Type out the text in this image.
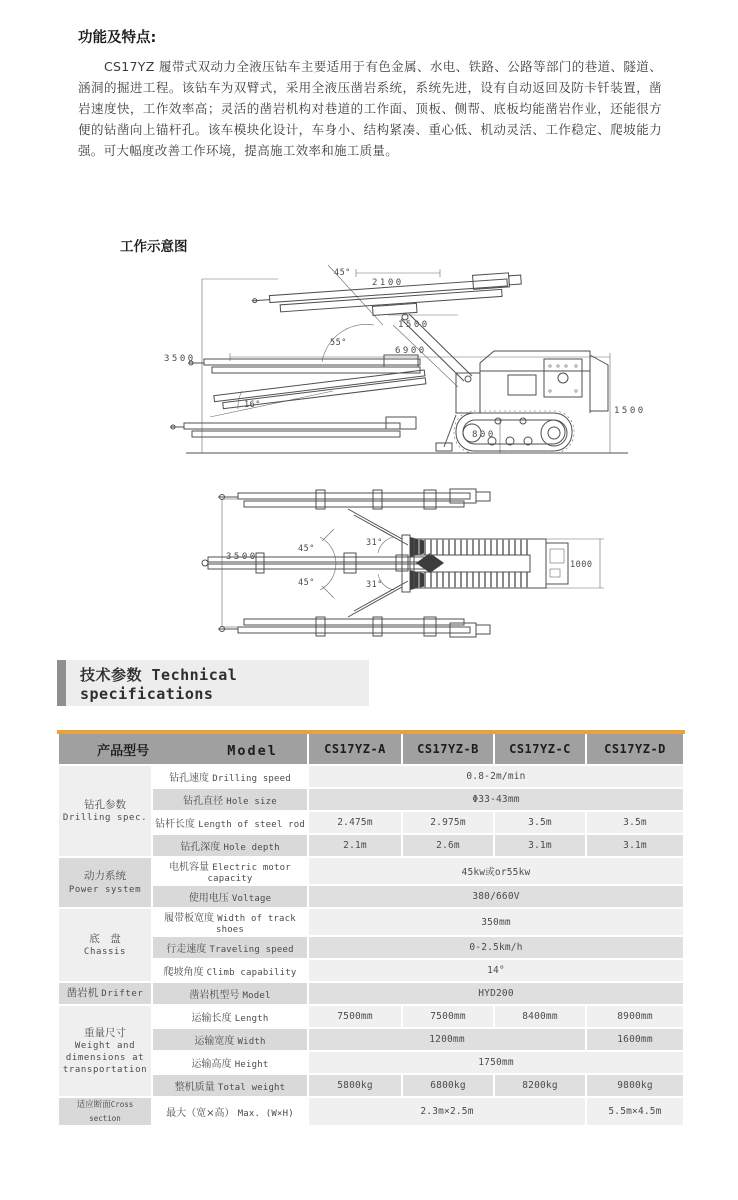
功能及特点:

CS17YZ 履带式双动力全液压钻车主要适用于有色金属、水电、铁路、公路等部门的巷道、隧道、涵洞的掘进工程。该钻车为双臂式，采用全液压凿岩系统，系统先进，设有自动返回及防卡钎装置，凿岩速度快，工作效率高；灵活的凿岩机构对巷道的工作面、顶板、侧帮、底板均能凿岩作业，还能很方便的钻凿向上锚杆孔。该车模块化设计，车身小、结构紧凑、重心低、机动灵活、工作稳定、爬坡能力强。可大幅度改善工作环境，提高施工效率和施工质量。

工作示意图
3500
6900
1500
2100
1500
800
45°
55°
16°
3500
1000
45°
45°
31°
31°
技术参数 Technical specifications
产品型号 Model		CS17YZ-A	CS17YZ-B	CS17YZ-C	CS17YZ-D

钻孔参数
Drilling spec.	钻孔速度 Drilling speed	0.8-2m/min			
	钻孔直径 Hole size	Φ33-43mm			
	钻杆长度 Length of steel rod	2.475m	2.975m	3.5m	3.5m
	钻孔深度 Hole depth	2.1m	2.6m	3.1m	3.1m

动力系统
Power system	电机容量 Electric motor capacity	45kw或or55kw			
	使用电压 Voltage	380/660V			

底　盘
Chassis	履带板宽度 Width of track shoes	350mm			
	行走速度 Traveling speed	0-2.5km/h			
	爬坡角度 Climb capability	14°			
凿岩机 Drifter	凿岩机型号 Model	HYD200			

重量尺寸
Weight and dimensions at transportation	运输长度 Length	7500mm	7500mm	8400mm	8900mm
	运输宽度 Width	1200mm			1600mm
	运输高度 Height	1750mm			
	整机质量 Total weight	5800kg	6800kg	8200kg	9800kg
适应断面Cross section	最大（宽×高） Max. (W×H)	2.3m×2.5m			5.5m×4.5m
